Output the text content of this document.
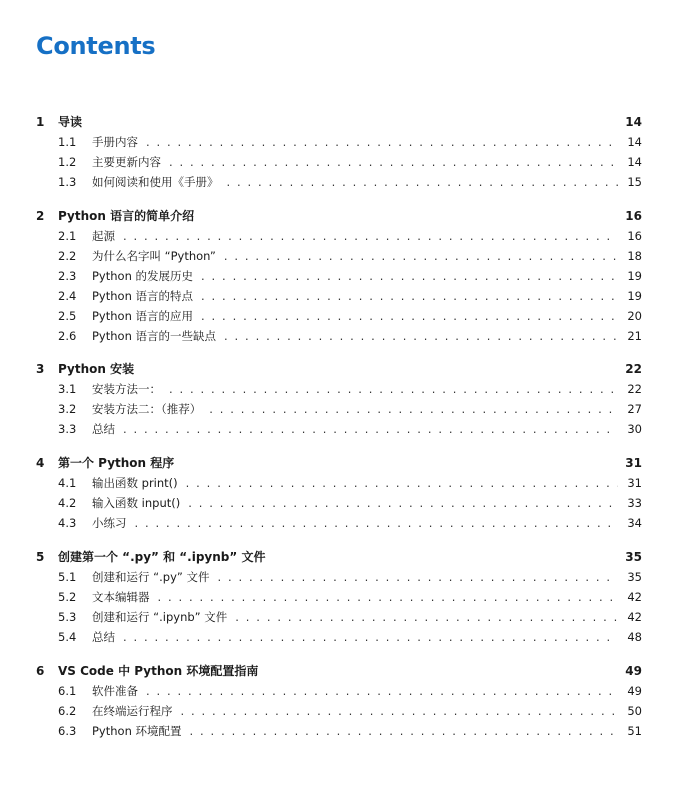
Contents
1	导读	14
1.1	手册内容 . . .	14
1.2	主要更新内容 . . .	14
1.3	如何阅读和使用《手册》 . . .	15
2	Python 语言的简单介绍	16
2.1	起源 . . .	16
2.2	为什么名字叫 “Python” . . .	18
2.3	Python 的发展历史 . . .	19
2.4	Python 语言的特点 . . .	19
2.5	Python 语言的应用 . . .	20
2.6	Python 语言的一些缺点 . . .	21
3	Python 安装	22
3.1	安装方法一： . . .	22
3.2	安装方法二：（推荐） . . .	27
3.3	总结 . . .	30
4	第一个 Python 程序	31
4.1	输出函数 print() . . .	31
4.2	输入函数 input() . . .	33
4.3	小练习 . . .	34
5	创建第一个 “.py” 和 “.ipynb” 文件	35
5.1	创建和运行 “.py” 文件 . . .	35
5.2	文本编辑器 . . .	42
5.3	创建和运行 “.ipynb” 文件 . . .	42
5.4	总结 . . .	48
6	VS Code 中 Python 环境配置指南	49
6.1	软件准备 . . .	49
6.2	在终端运行程序 . . .	50
6.3	Python 环境配置 . . .	51
